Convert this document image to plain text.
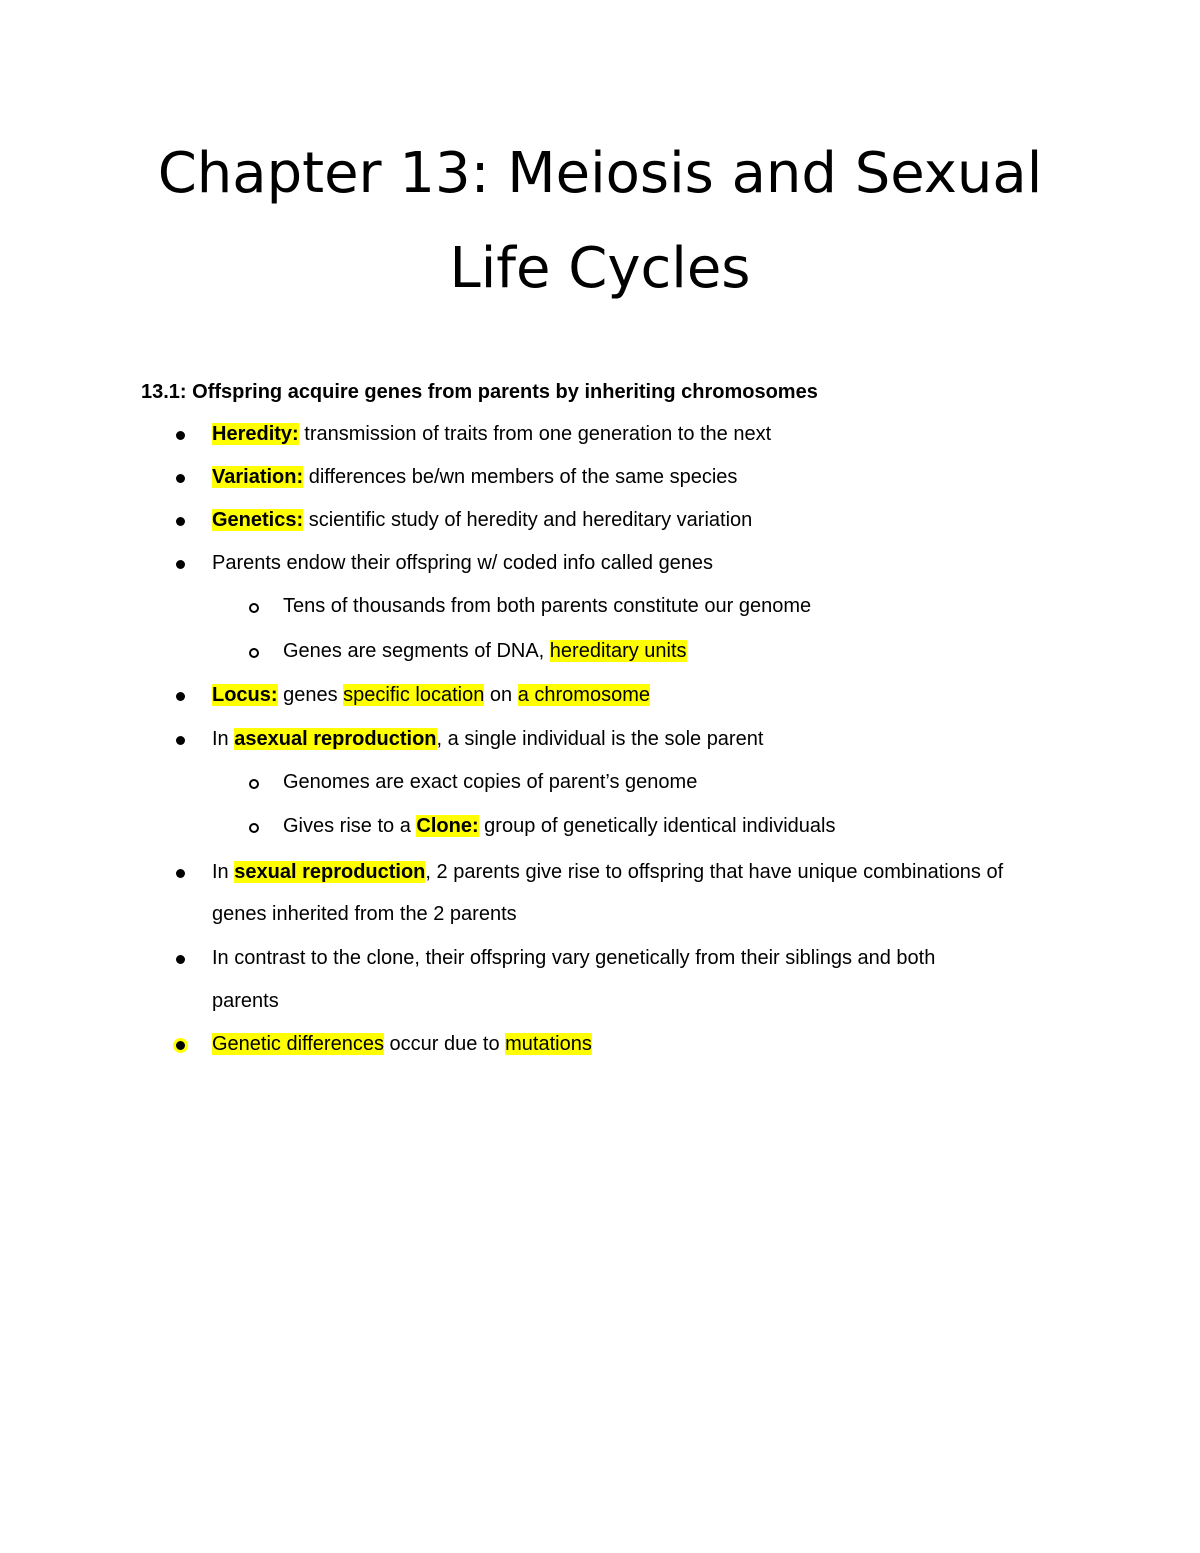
Chapter 13: Meiosis and Sexual
Life Cycles
13.1: Offspring acquire genes from parents by inheriting chromosomes
Heredity: transmission of traits from one generation to the next
Variation: differences be/wn members of the same species
Genetics: scientific study of heredity and hereditary variation
Parents endow their offspring w/ coded info called genes
Tens of thousands from both parents constitute our genome
Genes are segments of DNA, hereditary units
Locus: genes specific location on a chromosome
In asexual reproduction, a single individual is the sole parent
Genomes are exact copies of parent’s genome
Gives rise to a Clone: group of genetically identical individuals
In sexual reproduction, 2 parents give rise to offspring that have unique combinations of
genes inherited from the 2 parents
In contrast to the clone, their offspring vary genetically from their siblings and both
parents
Genetic differences occur due to mutations
